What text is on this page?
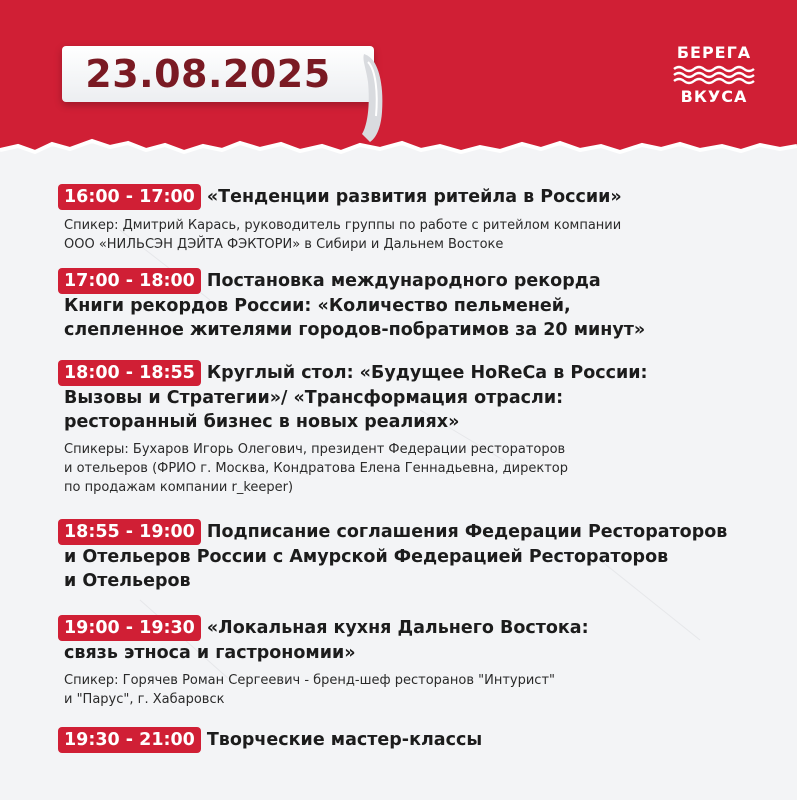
23.08.2025	БЕРЕГА
ВКУСА
16:00 - 17:00 «Тенденции развития ритейла в России»
Спикер: Дмитрий Карась, руководитель группы по работе с ритейлом компании
ООО «НИЛЬСЭН ДЭЙТА ФЭКТОРИ» в Сибири и Дальнем Востоке
17:00 - 18:00 Постановка международного рекорда
Книги рекордов России: «Количество пельменей,
слепленное жителями городов-побратимов за 20 минут»
18:00 - 18:55 Круглый стол: «Будущее HoReCa в России:
Вызовы и Стратегии»/ «Трансформация отрасли:
ресторанный бизнес в новых реалиях»
Спикеры: Бухаров Игорь Олегович, президент Федерации рестораторов
и отельеров (ФРИО г. Москва, Кондратова Елена Геннадьевна, директор
по продажам компании r_keeper)
18:55 - 19:00 Подписание соглашения Федерации Рестораторов
и Отельеров России с Амурской Федерацией Рестораторов
и Отельеров
19:00 - 19:30 «Локальная кухня Дальнего Востока:
связь этноса и гастрономии»
Спикер: Горячев Роман Сергеевич - бренд-шеф ресторанов "Интурист"
и "Парус", г. Хабаровск
19:30 - 21:00 Творческие мастер-классы
